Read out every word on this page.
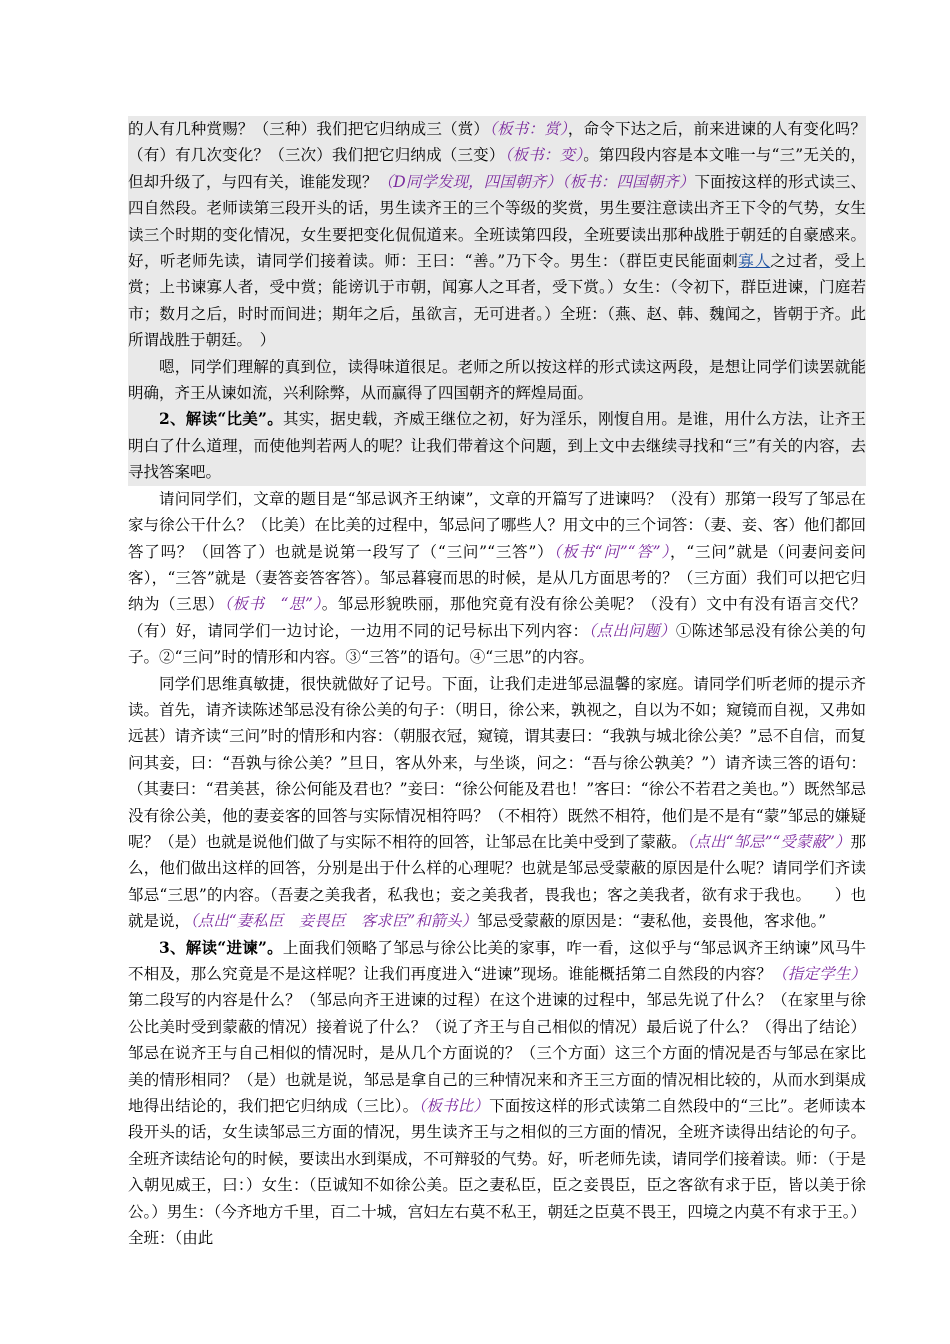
的人有几种赏赐？（三种）我们把它归纳成三（赏）（板书：赏），命令下达之后，前来进谏的人有变化吗？（有）有几次变化？（三次）我们把它归纳成（三变）（板书：变）。第四段内容是本文唯一与“三”无关的，但却升级了，与四有关，谁能发现？（D同学发现，四国朝齐）（板书：四国朝齐）下面按这样的形式读三、四自然段。老师读第三段开头的话，男生读齐王的三个等级的奖赏，男生要注意读出齐王下令的气势，女生读三个时期的变化情况，女生要把变化侃侃道来。全班读第四段，全班要读出那种战胜于朝廷的自豪感来。好，听老师先读，请同学们接着读。师：王曰：“善。”乃下令。男生：（群臣吏民能面刺寡人之过者，受上赏；上书谏寡人者，受中赏；能谤讥于市朝，闻寡人之耳者，受下赏。）女生：（令初下，群臣进谏，门庭若市；数月之后，时时而间进；期年之后，虽欲言，无可进者。）全班：（燕、赵、韩、魏闻之，皆朝于齐。此所谓战胜于朝廷。　）

嗯，同学们理解的真到位，读得味道很足。老师之所以按这样的形式读这两段，是想让同学们读罢就能明确，齐王从谏如流，兴利除弊，从而赢得了四国朝齐的辉煌局面。

2、解读“比美”。其实，据史载，齐威王继位之初，好为淫乐，刚愎自用。是谁，用什么方法，让齐王明白了什么道理，而使他判若两人的呢？让我们带着这个问题，到上文中去继续寻找和“三”有关的内容，去寻找答案吧。

请问同学们，文章的题目是“邹忌讽齐王纳谏”，文章的开篇写了进谏吗？（没有）那第一段写了邹忌在家与徐公干什么？（比美）在比美的过程中，邹忌问了哪些人？用文中的三个词答：（妻、妾、客）他们都回答了吗？（回答了）也就是说第一段写了（“三问”“三答”）（板书“问”“答”），“三问”就是（问妻问妾问客），“三答”就是（妻答妾答客答）。邹忌暮寝而思的时候，是从几方面思考的？（三方面）我们可以把它归纳为（三思）（板书　“思”）。邹忌形貌昳丽，那他究竟有没有徐公美呢？（没有）文中有没有语言交代？（有）好，请同学们一边讨论，一边用不同的记号标出下列内容：（点出问题）①陈述邹忌没有徐公美的句子。②“三问”时的情形和内容。③“三答”的语句。④“三思”的内容。

同学们思维真敏捷，很快就做好了记号。下面，让我们走进邹忌温馨的家庭。请同学们听老师的提示齐读。首先，请齐读陈述邹忌没有徐公美的句子：（明日，徐公来，孰视之，自以为不如；窥镜而自视，又弗如远甚）请齐读“三问”时的情形和内容：（朝服衣冠，窥镜，谓其妻曰：“我孰与城北徐公美？”忌不自信，而复问其妾，曰：“吾孰与徐公美？”旦日，客从外来，与坐谈，问之：“吾与徐公孰美？”）请齐读三答的语句：（其妻曰：“君美甚，徐公何能及君也？”妾曰：“徐公何能及君也！”客曰：“徐公不若君之美也。”）既然邹忌没有徐公美，他的妻妾客的回答与实际情况相符吗？（不相符）既然不相符，他们是不是有“蒙”邹忌的嫌疑呢？（是）也就是说他们做了与实际不相符的回答，让邹忌在比美中受到了蒙蔽。（点出“邹忌”“受蒙蔽”）那么，他们做出这样的回答，分别是出于什么样的心理呢？也就是邹忌受蒙蔽的原因是什么呢？请同学们齐读邹忌“三思”的内容。（吾妻之美我者，私我也；妾之美我者，畏我也；客之美我者，欲有求于我也。　　）也就是说，（点出“妻私臣　妾畏臣　客求臣”和箭头）邹忌受蒙蔽的原因是：“妻私他，妾畏他，客求他。”

3、解读“进谏”。上面我们领略了邹忌与徐公比美的家事，咋一看，这似乎与“邹忌讽齐王纳谏”风马牛不相及，那么究竟是不是这样呢？让我们再度进入“进谏”现场。谁能概括第二自然段的内容？（指定学生）第二段写的内容是什么？（邹忌向齐王进谏的过程）在这个进谏的过程中，邹忌先说了什么？（在家里与徐公比美时受到蒙蔽的情况）接着说了什么？（说了齐王与自己相似的情况）最后说了什么？（得出了结论）邹忌在说齐王与自己相似的情况时，是从几个方面说的？（三个方面）这三个方面的情况是否与邹忌在家比美的情形相同？（是）也就是说，邹忌是拿自己的三种情况来和齐王三方面的情况相比较的，从而水到渠成地得出结论的，我们把它归纳成（三比）。（板书比）下面按这样的形式读第二自然段中的“三比”。老师读本段开头的话，女生读邹忌三方面的情况，男生读齐王与之相似的三方面的情况，全班齐读得出结论的句子。全班齐读结论句的时候，要读出水到渠成，不可辩驳的气势。好，听老师先读，请同学们接着读。师：（于是入朝见威王，曰：）女生：（臣诚知不如徐公美。臣之妻私臣，臣之妾畏臣，臣之客欲有求于臣，皆以美于徐公。）男生：（今齐地方千里，百二十城，宫妇左右莫不私王，朝廷之臣莫不畏王，四境之内莫不有求于王。）全班：（由此
